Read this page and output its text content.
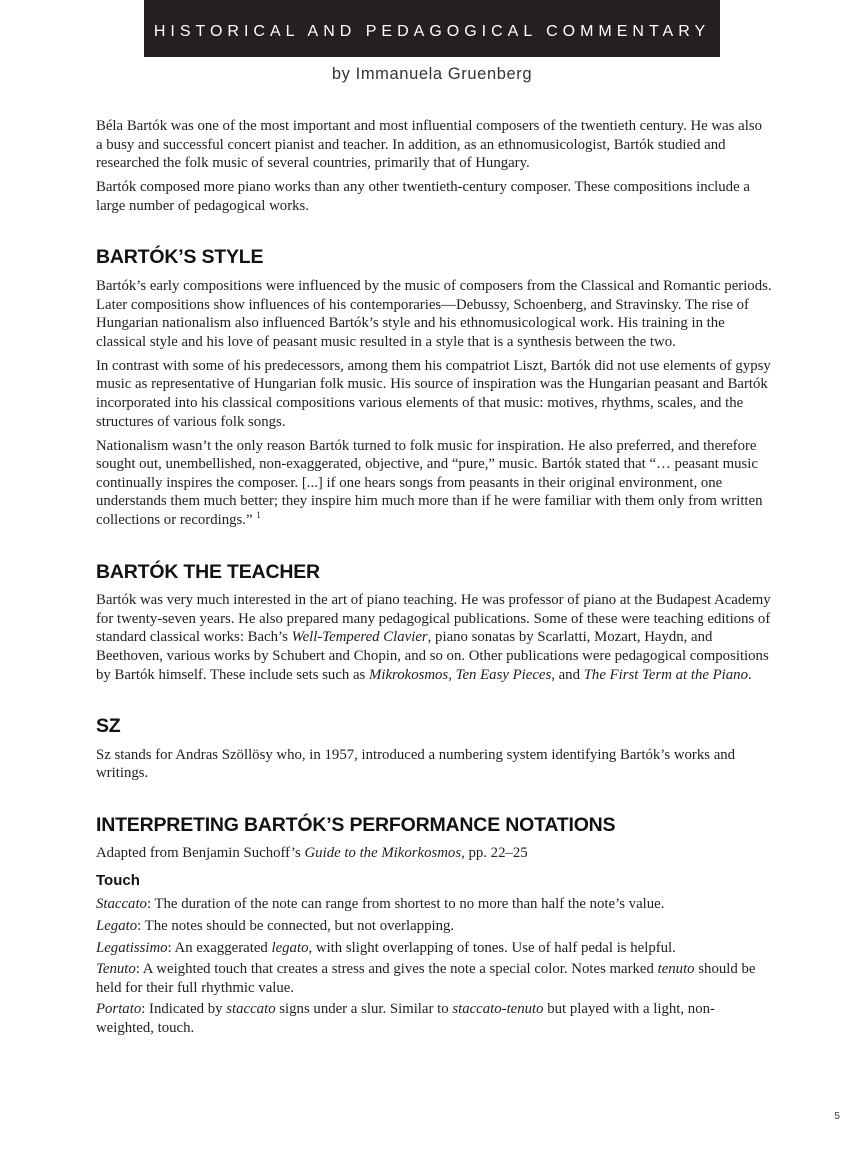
HISTORICAL AND PEDAGOGICAL COMMENTARY
by Immanuela Gruenberg

Béla Bartók was one of the most important and most influential composers of the twentieth century. He was also a busy and successful concert pianist and teacher. In addition, as an ethnomusicologist, Bartók studied and researched the folk music of several countries, primarily that of Hungary.

Bartók composed more piano works than any other twentieth-century composer. These compositions include a large number of pedagogical works.

BARTÓK’S STYLE

Bartók’s early compositions were influenced by the music of composers from the Classical and Romantic periods. Later compositions show influences of his contemporaries—Debussy, Schoenberg, and Stravinsky. The rise of Hungarian nationalism also influenced Bartók’s style and his ethnomusicological work. His training in the classical style and his love of peasant music resulted in a style that is a synthesis between the two.

In contrast with some of his predecessors, among them his compatriot Liszt, Bartók did not use elements of gypsy music as representative of Hungarian folk music. His source of inspiration was the Hungarian peasant and Bartók incorporated into his classical compositions various elements of that music: motives, rhythms, scales, and the structures of various folk songs.

Nationalism wasn’t the only reason Bartók turned to folk music for inspiration. He also preferred, and therefore sought out, unembellished, non-exaggerated, objective, and “pure,” music. Bartók stated that “… peasant music continually inspires the composer. [...] if one hears songs from peasants in their original environment, one understands them much better; they inspire him much more than if he were familiar with them only from written collections or recordings.” $^1$

BARTÓK THE TEACHER

Bartók was very much interested in the art of piano teaching. He was professor of piano at the Budapest Academy for twenty-seven years. He also prepared many pedagogical publications. Some of these were teaching editions of standard classical works: Bach’s Well-Tempered Clavier, piano sonatas by Scarlatti, Mozart, Haydn, and Beethoven, various works by Schubert and Chopin, and so on. Other publications were pedagogical compositions by Bartók himself. These include sets such as Mikrokosmos, Ten Easy Pieces, and The First Term at the Piano.

SZ

Sz stands for Andras Szöllösy who, in 1957, introduced a numbering system identifying Bartók’s works and writings.

INTERPRETING BARTÓK’S PERFORMANCE NOTATIONS

Adapted from Benjamin Suchoff’s Guide to the Mikorkosmos, pp. 22–25

Touch

Staccato: The duration of the note can range from shortest to no more than half the note’s value.

Legato: The notes should be connected, but not overlapping.

Legatissimo: An exaggerated legato, with slight overlapping of tones. Use of half pedal is helpful.

Tenuto: A weighted touch that creates a stress and gives the note a special color. Notes marked tenuto should be held for their full rhythmic value.

Portato: Indicated by staccato signs under a slur. Similar to staccato-tenuto but played with a light, non-weighted, touch.

5
